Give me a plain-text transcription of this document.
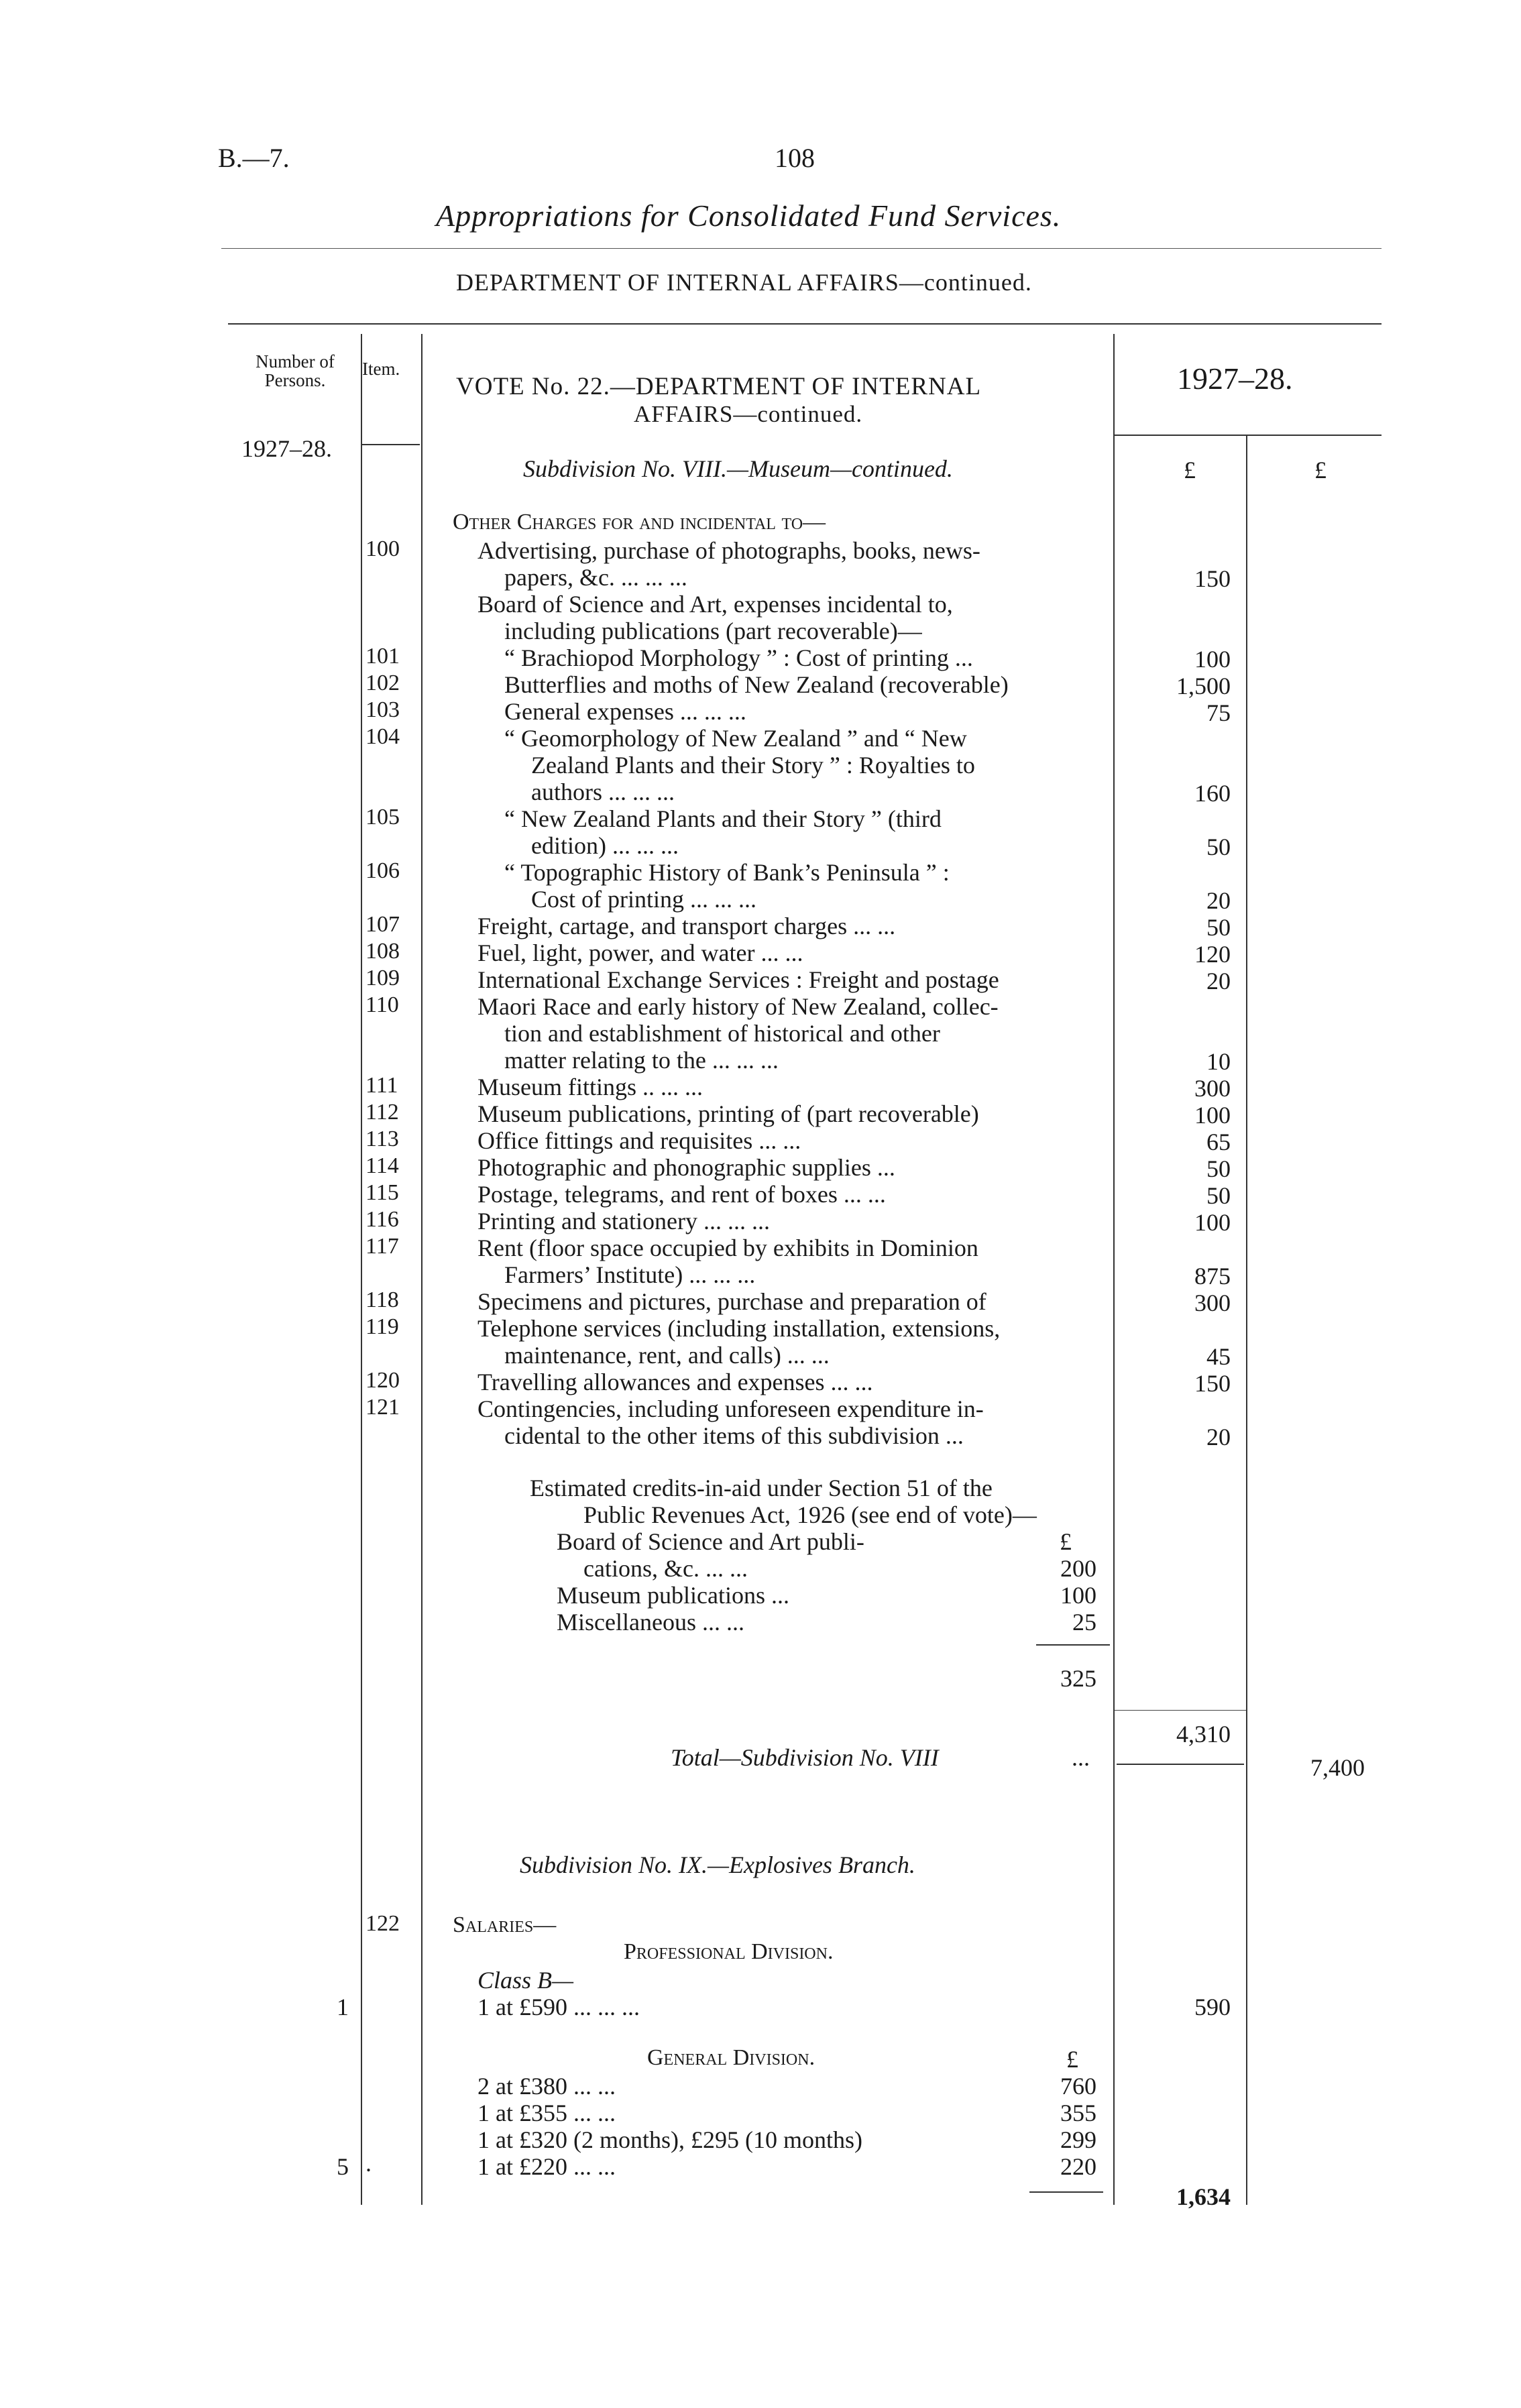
B.—7.	108
Appropriations for Consolidated Fund Services.
DEPARTMENT OF INTERNAL AFFAIRS—continued.
Number of Persons.
Item.
VOTE No. 22.—DEPARTMENT OF INTERNAL
AFFAIRS—continued.
1927–28.
1927–28.
Subdivision No. VIII.—Museum—continued.	£	£
Other Charges for and incidental to—
100	Advertising, purchase of photographs, books, news-
papers, &c. ... ... ...	150
Board of Science and Art, expenses incidental to,
including publications (part recoverable)—
101	“ Brachiopod Morphology ” : Cost of printing ...	100
102	Butterflies and moths of New Zealand (recoverable)	1,500
103	General expenses ... ... ...	75
104	“ Geomorphology of New Zealand ” and “ New
Zealand Plants and their Story ” : Royalties to
authors ... ... ...	160
105	“ New Zealand Plants and their Story ” (third
edition) ... ... ...	50
106	“ Topographic History of Bank’s Peninsula ” :
Cost of printing ... ... ...	20
107	Freight, cartage, and transport charges ... ...	50
108	Fuel, light, power, and water ... ...	120
109	International Exchange Services : Freight and postage	20
110	Maori Race and early history of New Zealand, collec-
tion and establishment of historical and other
matter relating to the ... ... ...	10
111	Museum fittings .. ... ...	300
112	Museum publications, printing of (part recoverable)	100
113	Office fittings and requisites ... ...	65
114	Photographic and phonographic supplies ...	50
115	Postage, telegrams, and rent of boxes ... ...	50
116	Printing and stationery ... ... ...	100
117	Rent (floor space occupied by exhibits in Dominion
Farmers’ Institute) ... ... ...	875
118	Specimens and pictures, purchase and preparation of	300
119	Telephone services (including installation, extensions,
maintenance, rent, and calls) ... ...	45
120	Travelling allowances and expenses ... ...	150
121	Contingencies, including unforeseen expenditure in-
cidental to the other items of this subdivision ...	20
Estimated credits-in-aid under Section 51 of the
Public Revenues Act, 1926 (see end of vote)—
£
Board of Science and Art publi-
cations, &c. ... ...	200
Museum publications ...	100
Miscellaneous ... ...	25
325
4,310
Total—Subdivision No. VIII	...	7,400
Subdivision No. IX.—Explosives Branch.
122 Salaries—
Professional Division.
Class B—
1	1 at £590 ... ... ...	590
General Division.	£
2 at £380 ... ...	760
1 at £355 ... ...	355
1 at £320 (2 months), £295 (10 months)	299
5 .	1 at £220 ... ...	220
1,634
